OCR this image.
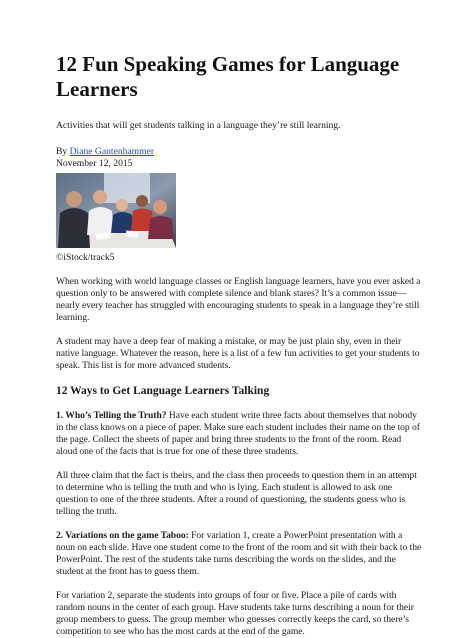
12 Fun Speaking Games for Language Learners
Activities that will get students talking in a language they’re still learning.
By Diane Gantenhammer
November 12, 2015
©iStock/track5

When working with world language classes or English language learners, have you ever asked a question only to be answered with complete silence and blank stares? It’s a common issue—nearly every teacher has struggled with encouraging students to speak in a language they’re still learning.

A student may have a deep fear of making a mistake, or may be just plain shy, even in their native language. Whatever the reason, here is a list of a few fun activities to get your students to speak. This list is for more advanced students.

12 Ways to Get Language Learners Talking

1. Who’s Telling the Truth? Have each student write three facts about themselves that nobody in the class knows on a piece of paper. Make sure each student includes their name on the top of the page. Collect the sheets of paper and bring three students to the front of the room. Read aloud one of the facts that is true for one of these three students.

All three claim that the fact is theirs, and the class then proceeds to question them in an attempt to determine who is telling the truth and who is lying. Each student is allowed to ask one question to one of the three students. After a round of questioning, the students guess who is telling the truth.

2. Variations on the game Taboo: For variation 1, create a PowerPoint presentation with a noun on each slide. Have one student come to the front of the room and sit with their back to the PowerPoint. The rest of the students take turns describing the words on the slides, and the student at the front has to guess them.

For variation 2, separate the students into groups of four or five. Place a pile of cards with random nouns in the center of each group. Have students take turns describing a noun for their group members to guess. The group member who guesses correctly keeps the card, so there’s competition to see who has the most cards at the end of the game.
